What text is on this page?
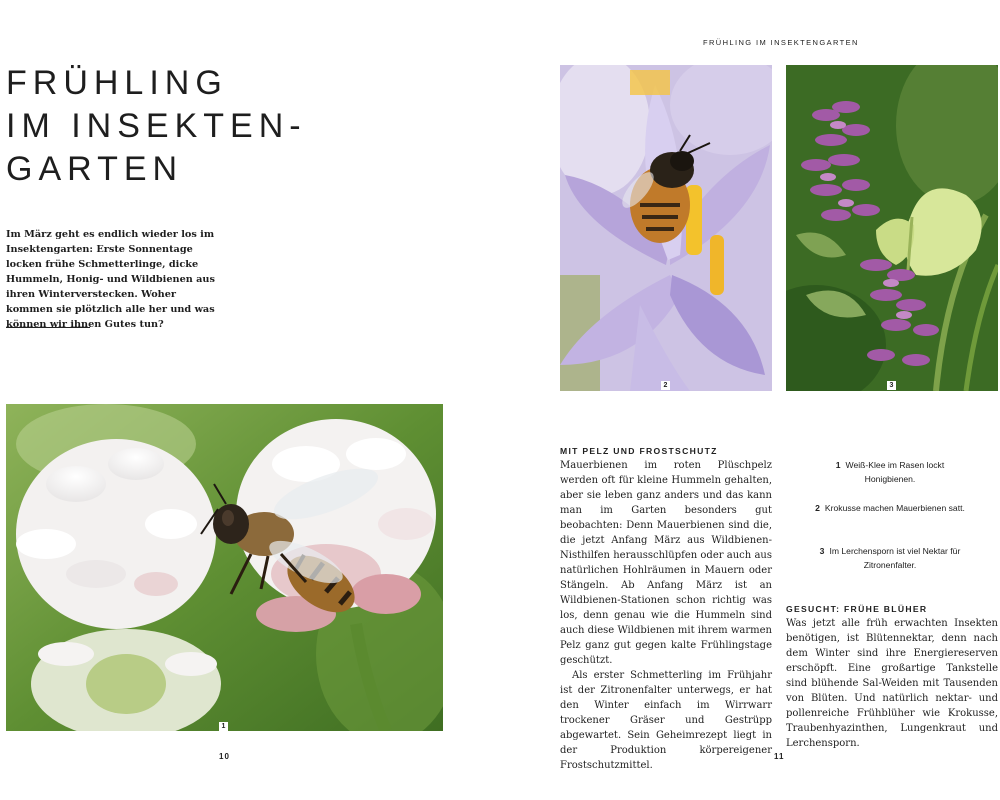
FRÜHLING
IM INSEKTEN-
GARTEN
Im März geht es endlich wieder los im Insektengarten: Erste Sonnentage locken frühe Schmetterlinge, dicke Hummeln, Honig- und Wildbienen aus ihren Winterverstecken. Woher kommen sie plötzlich alle her und was können wir ihnen Gutes tun?
1
10
FRÜHLING IM INSEKTENGARTEN
2	3
MIT PELZ UND FROSTSCHUTZ

Mauerbienen im roten Plüschpelz werden oft für kleine Hummeln gehalten, aber sie leben ganz anders und das kann man im Garten besonders gut beobachten: Denn Mauerbienen sind die, die jetzt Anfang März aus Wildbienen-Nisthilfen herausschlüpfen oder auch aus natürlichen Hohlräumen in Mauern oder Stängeln. Ab Anfang März ist an Wildbienen-Stationen schon richtig was los, denn genau wie die Hummeln sind auch diese Wildbienen mit ihrem warmen Pelz ganz gut gegen kalte Frühlingstage geschützt.

Als erster Schmetterling im Frühjahr ist der Zitronenfalter unterwegs, er hat den Winter einfach im Wirrwarr trockener Gräser und Gestrüpp abgewartet. Sein Geheimrezept liegt in der Produktion körpereigener Frostschutzmittel.

1 Weiß-Klee im Rasen lockt Honigbienen.
2 Krokusse machen Mauerbienen satt.
3 Im Lerchensporn ist viel Nektar für Zitronenfalter.
GESUCHT: FRÜHE BLÜHER

Was jetzt alle früh erwachten Insekten benötigen, ist Blütennektar, denn nach dem Winter sind ihre Energiereserven erschöpft. Eine großartige Tankstelle sind blühende Sal-Weiden mit Tausenden von Blüten. Und natürlich nektar- und pollenreiche Frühblüher wie Krokusse, Traubenhyazinthen, Lungenkraut und Lerchensporn.

11
